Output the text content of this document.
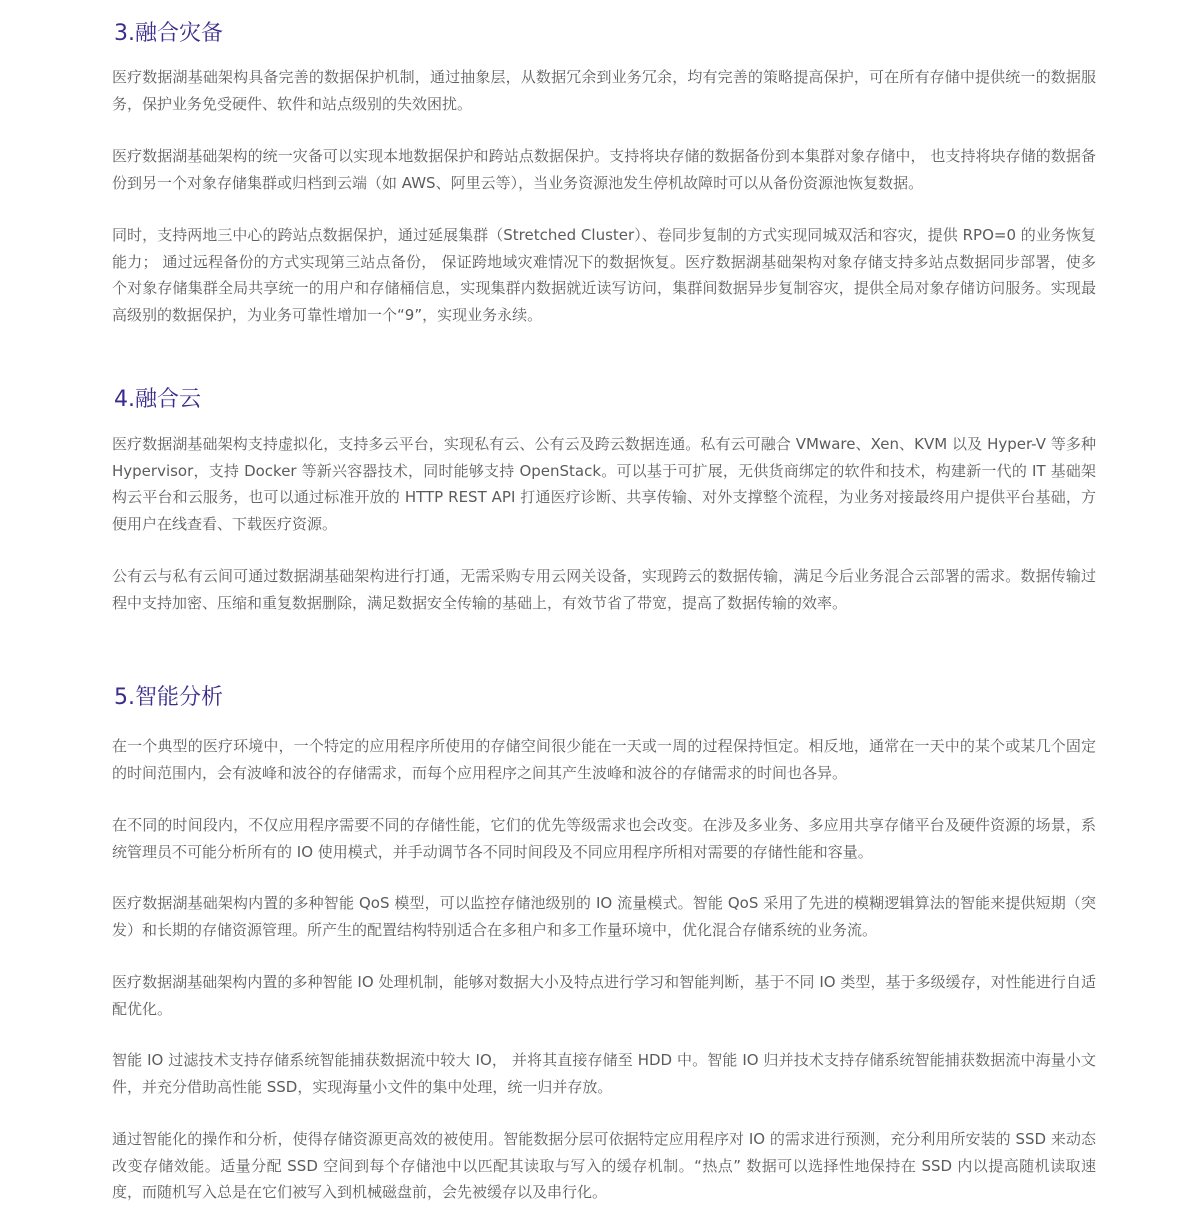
3.融合灾备

医疗数据湖基础架构具备完善的数据保护机制，通过抽象层，从数据冗余到业务冗余，均有完善的策略提高保护，可在所有存储中提供统一的数据服务，保护业务免受硬件、软件和站点级别的失效困扰。

医疗数据湖基础架构的统一灾备可以实现本地数据保护和跨站点数据保护。支持将块存储的数据备份到本集群对象存储中， 也支持将块存储的数据备份到另一个对象存储集群或归档到云端（如 AWS、阿里云等），当业务资源池发生停机故障时可以从备份资源池恢复数据。

同时，支持两地三中心的跨站点数据保护，通过延展集群（Stretched Cluster）、卷同步复制的方式实现同城双活和容灾，提供 RPO=0 的业务恢复能力； 通过远程备份的方式实现第三站点备份， 保证跨地域灾难情况下的数据恢复。医疗数据湖基础架构对象存储支持多站点数据同步部署，使多个对象存储集群全局共享统一的用户和存储桶信息，实现集群内数据就近读写访问，集群间数据异步复制容灾，提供全局对象存储访问服务。实现最高级别的数据保护，为业务可靠性增加一个“9”，实现业务永续。

4.融合云

医疗数据湖基础架构支持虚拟化，支持多云平台，实现私有云、公有云及跨云数据连通。私有云可融合 VMware、Xen、KVM 以及 Hyper-V 等多种 Hypervisor，支持 Docker 等新兴容器技术，同时能够支持 OpenStack。可以基于可扩展，无供货商绑定的软件和技术，构建新一代的 IT 基础架构云平台和云服务，也可以通过标准开放的 HTTP REST API 打通医疗诊断、共享传输、对外支撑整个流程，为业务对接最终用户提供平台基础，方便用户在线查看、下载医疗资源。

公有云与私有云间可通过数据湖基础架构进行打通，无需采购专用云网关设备，实现跨云的数据传输，满足今后业务混合云部署的需求。数据传输过程中支持加密、压缩和重复数据删除，满足数据安全传输的基础上，有效节省了带宽，提高了数据传输的效率。

5.智能分析

在一个典型的医疗环境中，一个特定的应用程序所使用的存储空间很少能在一天或一周的过程保持恒定。相反地，通常在一天中的某个或某几个固定的时间范围内，会有波峰和波谷的存储需求，而每个应用程序之间其产生波峰和波谷的存储需求的时间也各异。

在不同的时间段内，不仅应用程序需要不同的存储性能，它们的优先等级需求也会改变。在涉及多业务、多应用共享存储平台及硬件资源的场景，系统管理员不可能分析所有的 IO 使用模式，并手动调节各不同时间段及不同应用程序所相对需要的存储性能和容量。

医疗数据湖基础架构内置的多种智能 QoS 模型，可以监控存储池级别的 IO 流量模式。智能 QoS 采用了先进的模糊逻辑算法的智能来提供短期（突发）和长期的存储资源管理。所产生的配置结构特别适合在多租户和多工作量环境中，优化混合存储系统的业务流。

医疗数据湖基础架构内置的多种智能 IO 处理机制，能够对数据大小及特点进行学习和智能判断，基于不同 IO 类型，基于多级缓存，对性能进行自适配优化。

智能 IO 过滤技术支持存储系统智能捕获数据流中较大 IO， 并将其直接存储至 HDD 中。智能 IO 归并技术支持存储系统智能捕获数据流中海量小文件，并充分借助高性能 SSD，实现海量小文件的集中处理，统一归并存放。

通过智能化的操作和分析，使得存储资源更高效的被使用。智能数据分层可依据特定应用程序对 IO 的需求进行预测，充分利用所安装的 SSD 来动态改变存储效能。适量分配 SSD 空间到每个存储池中以匹配其读取与写入的缓存机制。“热点” 数据可以选择性地保持在 SSD 内以提高随机读取速度，而随机写入总是在它们被写入到机械磁盘前，会先被缓存以及串行化。
